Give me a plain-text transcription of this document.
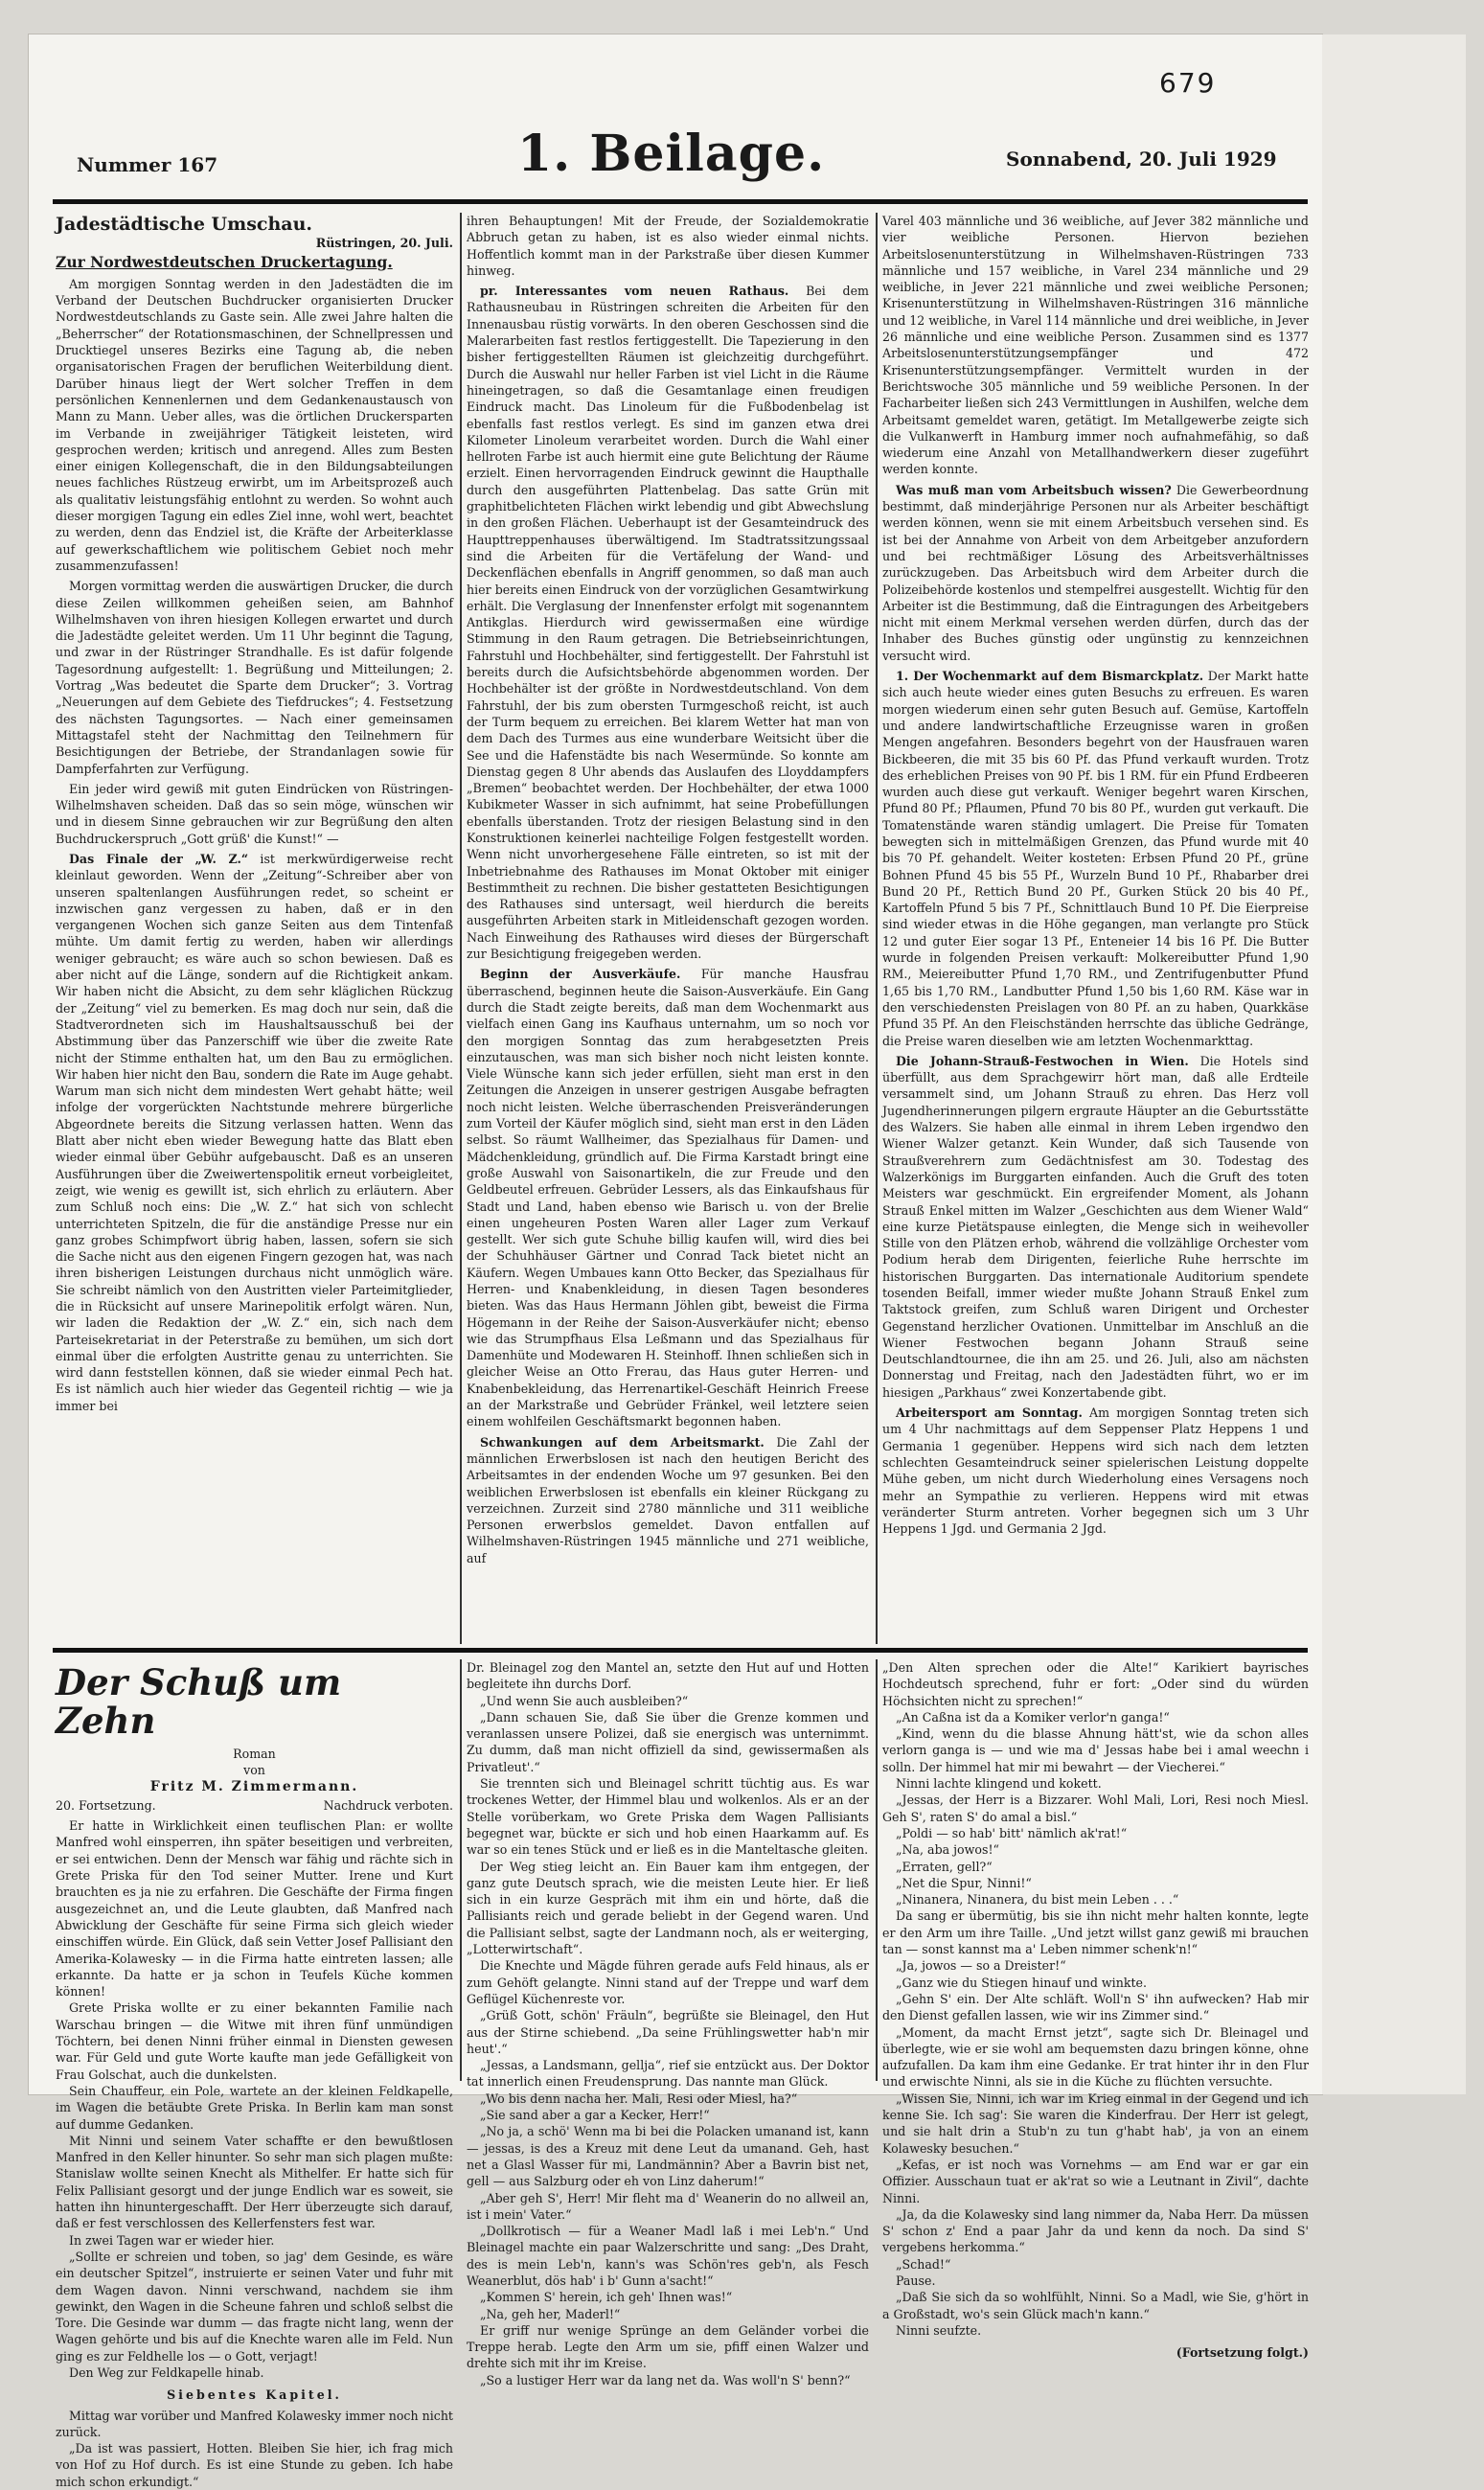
679
Nummer 167	1. Beilage.	Sonnabend, 20. Juli 1929
Jadestädtische Umschau.
Rüstringen, 20. Juli.
Zur Nordwestdeutschen Druckertagung.

Am morgigen Sonntag werden in den Jadestädten die im Verband der Deutschen Buchdrucker organisierten Drucker Nordwestdeutschlands zu Gaste sein. Alle zwei Jahre halten die „Beherrscher“ der Rotationsmaschinen, der Schnellpressen und Drucktiegel unseres Bezirks eine Tagung ab, die neben organisatorischen Fragen der beruflichen Weiterbildung dient. Darüber hinaus liegt der Wert solcher Treffen in dem persönlichen Kennenlernen und dem Gedankenaustausch von Mann zu Mann. Ueber alles, was die örtlichen Druckersparten im Verbande in zweijähriger Tätigkeit leisteten, wird gesprochen werden; kritisch und anregend. Alles zum Besten einer einigen Kollegenschaft, die in den Bildungsabteilungen neues fachliches Rüstzeug erwirbt, um im Arbeitsprozeß auch als qualitativ leistungsfähig entlohnt zu werden. So wohnt auch dieser morgigen Tagung ein edles Ziel inne, wohl wert, beachtet zu werden, denn das Endziel ist, die Kräfte der Arbeiterklasse auf gewerkschaftlichem wie politischem Gebiet noch mehr zusammenzufassen!

Morgen vormittag werden die auswärtigen Drucker, die durch diese Zeilen willkommen geheißen seien, am Bahnhof Wilhelmshaven von ihren hiesigen Kollegen erwartet und durch die Jadestädte geleitet werden. Um 11 Uhr beginnt die Tagung, und zwar in der Rüstringer Strandhalle. Es ist dafür folgende Tagesordnung aufgestellt: 1. Begrüßung und Mitteilungen; 2. Vortrag „Was bedeutet die Sparte dem Drucker“; 3. Vortrag „Neuerungen auf dem Gebiete des Tiefdruckes“; 4. Festsetzung des nächsten Tagungsortes. — Nach einer gemeinsamen Mittagstafel steht der Nachmittag den Teilnehmern für Besichtigungen der Betriebe, der Strandanlagen sowie für Dampferfahrten zur Verfügung.

Ein jeder wird gewiß mit guten Eindrücken von Rüstringen-Wilhelmshaven scheiden. Daß das so sein möge, wünschen wir und in diesem Sinne gebrauchen wir zur Begrüßung den alten Buchdruckerspruch „Gott grüß' die Kunst!“ —

Das Finale der „W. Z.“ ist merkwürdigerweise recht kleinlaut geworden. Wenn der „Zeitung“-Schreiber aber von unseren spaltenlangen Ausführungen redet, so scheint er inzwischen ganz vergessen zu haben, daß er in den vergangenen Wochen sich ganze Seiten aus dem Tintenfaß mühte. Um damit fertig zu werden, haben wir allerdings weniger gebraucht; es wäre auch so schon bewiesen. Daß es aber nicht auf die Länge, sondern auf die Richtigkeit ankam. Wir haben nicht die Absicht, zu dem sehr kläglichen Rückzug der „Zeitung“ viel zu bemerken. Es mag doch nur sein, daß die Stadtverordneten sich im Haushaltsausschuß bei der Abstimmung über das Panzerschiff wie über die zweite Rate nicht der Stimme enthalten hat, um den Bau zu ermöglichen. Wir haben hier nicht den Bau, sondern die Rate im Auge gehabt. Warum man sich nicht dem mindesten Wert gehabt hätte; weil infolge der vorgerückten Nachtstunde mehrere bürgerliche Abgeordnete bereits die Sitzung verlassen hatten. Wenn das Blatt aber nicht eben wieder Bewegung hatte das Blatt eben wieder einmal über Gebühr aufgebauscht. Daß es an unseren Ausführungen über die Zweiwertenspolitik erneut vorbeigleitet, zeigt, wie wenig es gewillt ist, sich ehrlich zu erläutern. Aber zum Schluß noch eins: Die „W. Z.“ hat sich von schlecht unterrichteten Spitzeln, die für die anständige Presse nur ein ganz grobes Schimpfwort übrig haben, lassen, sofern sie sich die Sache nicht aus den eigenen Fingern gezogen hat, was nach ihren bisherigen Leistungen durchaus nicht unmöglich wäre. Sie schreibt nämlich von den Austritten vieler Parteimitglieder, die in Rücksicht auf unsere Marinepolitik erfolgt wären. Nun, wir laden die Redaktion der „W. Z.“ ein, sich nach dem Parteisekretariat in der Peterstraße zu bemühen, um sich dort einmal über die erfolgten Austritte genau zu unterrichten. Sie wird dann feststellen können, daß sie wieder einmal Pech hat. Es ist nämlich auch hier wieder das Gegenteil richtig — wie ja immer bei

ihren Behauptungen! Mit der Freude, der Sozialdemokratie Abbruch getan zu haben, ist es also wieder einmal nichts. Hoffentlich kommt man in der Parkstraße über diesen Kummer hinweg.

pr. Interessantes vom neuen Rathaus. Bei dem Rathausneubau in Rüstringen schreiten die Arbeiten für den Innenausbau rüstig vorwärts. In den oberen Geschossen sind die Malerarbeiten fast restlos fertiggestellt. Die Tapezierung in den bisher fertiggestellten Räumen ist gleichzeitig durchgeführt. Durch die Auswahl nur heller Farben ist viel Licht in die Räume hineingetragen, so daß die Gesamtanlage einen freudigen Eindruck macht. Das Linoleum für die Fußbodenbelag ist ebenfalls fast restlos verlegt. Es sind im ganzen etwa drei Kilometer Linoleum verarbeitet worden. Durch die Wahl einer hellroten Farbe ist auch hiermit eine gute Belichtung der Räume erzielt. Einen hervorragenden Eindruck gewinnt die Haupthalle durch den ausgeführten Plattenbelag. Das satte Grün mit graphitbelichteten Flächen wirkt lebendig und gibt Abwechslung in den großen Flächen. Ueberhaupt ist der Gesamteindruck des Haupttreppenhauses überwältigend. Im Stadtratssitzungssaal sind die Arbeiten für die Vertäfelung der Wand- und Deckenflächen ebenfalls in Angriff genommen, so daß man auch hier bereits einen Eindruck von der vorzüglichen Gesamtwirkung erhält. Die Verglasung der Innenfenster erfolgt mit sogenanntem Antikglas. Hierdurch wird gewissermaßen eine würdige Stimmung in den Raum getragen. Die Betriebseinrichtungen, Fahrstuhl und Hochbehälter, sind fertiggestellt. Der Fahrstuhl ist bereits durch die Aufsichtsbehörde abgenommen worden. Der Hochbehälter ist der größte in Nordwestdeutschland. Von dem Fahrstuhl, der bis zum obersten Turmgeschoß reicht, ist auch der Turm bequem zu erreichen. Bei klarem Wetter hat man von dem Dach des Turmes aus eine wunderbare Weitsicht über die See und die Hafenstädte bis nach Wesermünde. So konnte am Dienstag gegen 8 Uhr abends das Auslaufen des Lloyddampfers „Bremen“ beobachtet werden. Der Hochbehälter, der etwa 1000 Kubikmeter Wasser in sich aufnimmt, hat seine Probefüllungen ebenfalls überstanden. Trotz der riesigen Belastung sind in den Konstruktionen keinerlei nachteilige Folgen festgestellt worden. Wenn nicht unvorhergesehene Fälle eintreten, so ist mit der Inbetriebnahme des Rathauses im Monat Oktober mit einiger Bestimmtheit zu rechnen. Die bisher gestatteten Besichtigungen des Rathauses sind untersagt, weil hierdurch die bereits ausgeführten Arbeiten stark in Mitleidenschaft gezogen worden. Nach Einweihung des Rathauses wird dieses der Bürgerschaft zur Besichtigung freigegeben werden.

Beginn der Ausverkäufe. Für manche Hausfrau überraschend, beginnen heute die Saison-Ausverkäufe. Ein Gang durch die Stadt zeigte bereits, daß man dem Wochenmarkt aus vielfach einen Gang ins Kaufhaus unternahm, um so noch vor den morgigen Sonntag das zum herabgesetzten Preis einzutauschen, was man sich bisher noch nicht leisten konnte. Viele Wünsche kann sich jeder erfüllen, sieht man erst in den Zeitungen die Anzeigen in unserer gestrigen Ausgabe befragten noch nicht leisten. Welche überraschenden Preisveränderungen zum Vorteil der Käufer möglich sind, sieht man erst in den Läden selbst. So räumt Wallheimer, das Spezialhaus für Damen- und Mädchenkleidung, gründlich auf. Die Firma Karstadt bringt eine große Auswahl von Saisonartikeln, die zur Freude und den Geldbeutel erfreuen. Gebrüder Lessers, als das Einkaufshaus für Stadt und Land, haben ebenso wie Barisch u. von der Brelie einen ungeheuren Posten Waren aller Lager zum Verkauf gestellt. Wer sich gute Schuhe billig kaufen will, wird dies bei der Schuhhäuser Gärtner und Conrad Tack bietet nicht an Käufern. Wegen Umbaues kann Otto Becker, das Spezialhaus für Herren- und Knabenkleidung, in diesen Tagen besonderes bieten. Was das Haus Hermann Jöhlen gibt, beweist die Firma Högemann in der Reihe der Saison-Ausverkäufer nicht; ebenso wie das Strumpfhaus Elsa Leßmann und das Spezialhaus für Damenhüte und Modewaren H. Steinhoff. Ihnen schließen sich in gleicher Weise an Otto Frerau, das Haus guter Herren- und Knabenbekleidung, das Herrenartikel-Geschäft Heinrich Freese an der Markstraße und Gebrüder Fränkel, weil letztere seien einem wohlfeilen Geschäftsmarkt begonnen haben.

Schwankungen auf dem Arbeitsmarkt. Die Zahl der männlichen Erwerbslosen ist nach den heutigen Bericht des Arbeitsamtes in der endenden Woche um 97 gesunken. Bei den weiblichen Erwerbslosen ist ebenfalls ein kleiner Rückgang zu verzeichnen. Zurzeit sind 2780 männliche und 311 weibliche Personen erwerbslos gemeldet. Davon entfallen auf Wilhelmshaven-Rüstringen 1945 männliche und 271 weibliche, auf

Varel 403 männliche und 36 weibliche, auf Jever 382 männliche und vier weibliche Personen. Hiervon beziehen Arbeitslosenunterstützung in Wilhelmshaven-Rüstringen 733 männliche und 157 weibliche, in Varel 234 männliche und 29 weibliche, in Jever 221 männliche und zwei weibliche Personen; Krisenunterstützung in Wilhelmshaven-Rüstringen 316 männliche und 12 weibliche, in Varel 114 männliche und drei weibliche, in Jever 26 männliche und eine weibliche Person. Zusammen sind es 1377 Arbeitslosenunterstützungsempfänger und 472 Krisenunterstützungsempfänger. Vermittelt wurden in der Berichtswoche 305 männliche und 59 weibliche Personen. In der Facharbeiter ließen sich 243 Vermittlungen in Aushilfen, welche dem Arbeitsamt gemeldet waren, getätigt. Im Metallgewerbe zeigte sich die Vulkanwerft in Hamburg immer noch aufnahmefähig, so daß wiederum eine Anzahl von Metallhandwerkern dieser zugeführt werden konnte.

Was muß man vom Arbeitsbuch wissen? Die Gewerbeordnung bestimmt, daß minderjährige Personen nur als Arbeiter beschäftigt werden können, wenn sie mit einem Arbeitsbuch versehen sind. Es ist bei der Annahme von Arbeit von dem Arbeitgeber anzufordern und bei rechtmäßiger Lösung des Arbeitsverhältnisses zurückzugeben. Das Arbeitsbuch wird dem Arbeiter durch die Polizeibehörde kostenlos und stempelfrei ausgestellt. Wichtig für den Arbeiter ist die Bestimmung, daß die Eintragungen des Arbeitgebers nicht mit einem Merkmal versehen werden dürfen, durch das der Inhaber des Buches günstig oder ungünstig zu kennzeichnen versucht wird.

1. Der Wochenmarkt auf dem Bismarckplatz. Der Markt hatte sich auch heute wieder eines guten Besuchs zu erfreuen. Es waren morgen wiederum einen sehr guten Besuch auf. Gemüse, Kartoffeln und andere landwirtschaftliche Erzeugnisse waren in großen Mengen angefahren. Besonders begehrt von der Hausfrauen waren Bickbeeren, die mit 35 bis 60 Pf. das Pfund verkauft wurden. Trotz des erheblichen Preises von 90 Pf. bis 1 RM. für ein Pfund Erdbeeren wurden auch diese gut verkauft. Weniger begehrt waren Kirschen, Pfund 80 Pf.; Pflaumen, Pfund 70 bis 80 Pf., wurden gut verkauft. Die Tomatenstände waren ständig umlagert. Die Preise für Tomaten bewegten sich in mittelmäßigen Grenzen, das Pfund wurde mit 40 bis 70 Pf. gehandelt. Weiter kosteten: Erbsen Pfund 20 Pf., grüne Bohnen Pfund 45 bis 55 Pf., Wurzeln Bund 10 Pf., Rhabarber drei Bund 20 Pf., Rettich Bund 20 Pf., Gurken Stück 20 bis 40 Pf., Kartoffeln Pfund 5 bis 7 Pf., Schnittlauch Bund 10 Pf. Die Eierpreise sind wieder etwas in die Höhe gegangen, man verlangte pro Stück 12 und guter Eier sogar 13 Pf., Enteneier 14 bis 16 Pf. Die Butter wurde in folgenden Preisen verkauft: Molkereibutter Pfund 1,90 RM., Meiereibutter Pfund 1,70 RM., und Zentrifugenbutter Pfund 1,65 bis 1,70 RM., Landbutter Pfund 1,50 bis 1,60 RM. Käse war in den verschiedensten Preislagen von 80 Pf. an zu haben, Quarkkäse Pfund 35 Pf. An den Fleischständen herrschte das übliche Gedränge, die Preise waren dieselben wie am letzten Wochenmarkttag.

Die Johann-Strauß-Festwochen in Wien. Die Hotels sind überfüllt, aus dem Sprachgewirr hört man, daß alle Erdteile versammelt sind, um Johann Strauß zu ehren. Das Herz voll Jugendherinnerungen pilgern ergraute Häupter an die Geburtsstätte des Walzers. Sie haben alle einmal in ihrem Leben irgendwo den Wiener Walzer getanzt. Kein Wunder, daß sich Tausende von Straußverehrern zum Gedächtnisfest am 30. Todestag des Walzerkönigs im Burggarten einfanden. Auch die Gruft des toten Meisters war geschmückt. Ein ergreifender Moment, als Johann Strauß Enkel mitten im Walzer „Geschichten aus dem Wiener Wald“ eine kurze Pietätspause einlegten, die Menge sich in weihevoller Stille von den Plätzen erhob, während die vollzählige Orchester vom Podium herab dem Dirigenten, feierliche Ruhe herrschte im historischen Burggarten. Das internationale Auditorium spendete tosenden Beifall, immer wieder mußte Johann Strauß Enkel zum Taktstock greifen, zum Schluß waren Dirigent und Orchester Gegenstand herzlicher Ovationen. Unmittelbar im Anschluß an die Wiener Festwochen begann Johann Strauß seine Deutschlandtournee, die ihn am 25. und 26. Juli, also am nächsten Donnerstag und Freitag, nach den Jadestädten führt, wo er im hiesigen „Parkhaus“ zwei Konzertabende gibt.

Arbeitersport am Sonntag. Am morgigen Sonntag treten sich um 4 Uhr nachmittags auf dem Seppenser Platz Heppens 1 und Germania 1 gegenüber. Heppens wird sich nach dem letzten schlechten Gesamteindruck seiner spielerischen Leistung doppelte Mühe geben, um nicht durch Wiederholung eines Versagens noch mehr an Sympathie zu verlieren. Heppens wird mit etwas veränderter Sturm antreten. Vorher begegnen sich um 3 Uhr Heppens 1 Jgd. und Germania 2 Jgd.

Der Schuß um Zehn
Roman
von
Fritz M. Zimmermann.
20. Fortsetzung.	Nachdruck verboten.

Er hatte in Wirklichkeit einen teuflischen Plan: er wollte Manfred wohl einsperren, ihn später beseitigen und verbreiten, er sei entwichen. Denn der Mensch war fähig und rächte sich in Grete Priska für den Tod seiner Mutter. Irene und Kurt brauchten es ja nie zu erfahren. Die Geschäfte der Firma fingen ausgezeichnet an, und die Leute glaubten, daß Manfred nach Abwicklung der Geschäfte für seine Firma sich gleich wieder einschiffen würde. Ein Glück, daß sein Vetter Josef Pallisiant den Amerika-Kolawesky — in die Firma hatte eintreten lassen; alle erkannte. Da hatte er ja schon in Teufels Küche kommen können!

Grete Priska wollte er zu einer bekannten Familie nach Warschau bringen — die Witwe mit ihren fünf unmündigen Töchtern, bei denen Ninni früher einmal in Diensten gewesen war. Für Geld und gute Worte kaufte man jede Gefälligkeit von Frau Golschat, auch die dunkelsten.

Sein Chauffeur, ein Pole, wartete an der kleinen Feldkapelle, im Wagen die betäubte Grete Priska. In Berlin kam man sonst auf dumme Gedanken.

Mit Ninni und seinem Vater schaffte er den bewußtlosen Manfred in den Keller hinunter. So sehr man sich plagen mußte: Stanislaw wollte seinen Knecht als Mithelfer. Er hatte sich für Felix Pallisiant gesorgt und der junge Endlich war es soweit, sie hatten ihn hinuntergeschafft. Der Herr überzeugte sich darauf, daß er fest verschlossen des Kellerfensters fest war.

In zwei Tagen war er wieder hier.

„Sollte er schreien und toben, so jag' dem Gesinde, es wäre ein deutscher Spitzel“, instruierte er seinen Vater und fuhr mit dem Wagen davon. Ninni verschwand, nachdem sie ihm gewinkt, den Wagen in die Scheune fahren und schloß selbst die Tore. Die Gesinde war dumm — das fragte nicht lang, wenn der Wagen gehörte und bis auf die Knechte waren alle im Feld. Nun ging es zur Feldhelle los — o Gott, verjagt!

Den Weg zur Feldkapelle hinab.

Siebentes Kapitel.

Mittag war vorüber und Manfred Kolawesky immer noch nicht zurück.

„Da ist was passiert, Hotten. Bleiben Sie hier, ich frag mich von Hof zu Hof durch. Es ist eine Stunde zu geben. Ich habe mich schon erkundigt.“

Dr. Bleinagel zog den Mantel an, setzte den Hut auf und Hotten begleitete ihn durchs Dorf.

„Und wenn Sie auch ausbleiben?“

„Dann schauen Sie, daß Sie über die Grenze kommen und veranlassen unsere Polizei, daß sie energisch was unternimmt. Zu dumm, daß man nicht offiziell da sind, gewissermaßen als Privatleut'.“

Sie trennten sich und Bleinagel schritt tüchtig aus. Es war trockenes Wetter, der Himmel blau und wolkenlos. Als er an der Stelle vorüberkam, wo Grete Priska dem Wagen Pallisiants begegnet war, bückte er sich und hob einen Haarkamm auf. Es war so ein tenes Stück und er ließ es in die Manteltasche gleiten.

Der Weg stieg leicht an. Ein Bauer kam ihm entgegen, der ganz gute Deutsch sprach, wie die meisten Leute hier. Er ließ sich in ein kurze Gespräch mit ihm ein und hörte, daß die Pallisiants reich und gerade beliebt in der Gegend waren. Und die Pallisiant selbst, sagte der Landmann noch, als er weiterging, „Lotterwirtschaft“.

Die Knechte und Mägde führen gerade aufs Feld hinaus, als er zum Gehöft gelangte. Ninni stand auf der Treppe und warf dem Geflügel Küchenreste vor.

„Grüß Gott, schön' Fräuln“, begrüßte sie Bleinagel, den Hut aus der Stirne schiebend. „Da seine Frühlingswetter hab'n mir heut'.“

„Jessas, a Landsmann, gellja“, rief sie entzückt aus. Der Doktor tat innerlich einen Freudensprung. Das nannte man Glück.

„Wo bis denn nacha her. Mali, Resi oder Miesl, ha?“

„Sie sand aber a gar a Kecker, Herr!“

„No ja, a schö' Wenn ma bi bei die Polacken umanand ist, kann — jessas, is des a Kreuz mit dene Leut da umanand. Geh, hast net a Glasl Wasser für mi, Landmännin? Aber a Bavrin bist net, gell — aus Salzburg oder eh von Linz daherum!“

„Aber geh S', Herr! Mir fleht ma d' Weanerin do no allweil an, ist i mein' Vater.“

„Dollkrotisch — für a Weaner Madl laß i mei Leb'n.“ Und Bleinagel machte ein paar Walzerschritte und sang: „Des Draht, des is mein Leb'n, kann's was Schön'res geb'n, als Fesch Weanerblut, dös hab' i b' Gunn a'sacht!“

„Kommen S' herein, ich geh' Ihnen was!“

„Na, geh her, Maderl!“

Er griff nur wenige Sprünge an dem Geländer vorbei die Treppe herab. Legte den Arm um sie, pfiff einen Walzer und drehte sich mit ihr im Kreise.

„So a lustiger Herr war da lang net da. Was woll'n S' benn?“

„Den Alten sprechen oder die Alte!“ Karikiert bayrisches Hochdeutsch sprechend, fuhr er fort: „Oder sind du würden Höchsichten nicht zu sprechen!“

„An Caßna ist da a Komiker verlor'n ganga!“

„Kind, wenn du die blasse Ahnung hätt'st, wie da schon alles verlorn ganga is — und wie ma d' Jessas habe bei i amal weechn i solln. Der himmel hat mir mi bewahrt — der Viecherei.“

Ninni lachte klingend und kokett.

„Jessas, der Herr is a Bizzarer. Wohl Mali, Lori, Resi noch Miesl. Geh S', raten S' do amal a bisl.“

„Poldi — so hab' bitt' nämlich ak'rat!“

„Na, aba jowos!“

„Erraten, gell?“

„Net die Spur, Ninni!“

„Ninanera, Ninanera, du bist mein Leben . . .“

Da sang er übermütig, bis sie ihn nicht mehr halten konnte, legte er den Arm um ihre Taille. „Und jetzt willst ganz gewiß mi brauchen tan — sonst kannst ma a' Leben nimmer schenk'n!“

„Ja, jowos — so a Dreister!“

„Ganz wie du Stiegen hinauf und winkte.

„Gehn S' ein. Der Alte schläft. Woll'n S' ihn aufwecken? Hab mir den Dienst gefallen lassen, wie wir ins Zimmer sind.“

„Moment, da macht Ernst jetzt“, sagte sich Dr. Bleinagel und überlegte, wie er sie wohl am bequemsten dazu bringen könne, ohne aufzufallen. Da kam ihm eine Gedanke. Er trat hinter ihr in den Flur und erwischte Ninni, als sie in die Küche zu flüchten versuchte.

„Wissen Sie, Ninni, ich war im Krieg einmal in der Gegend und ich kenne Sie. Ich sag': Sie waren die Kinderfrau. Der Herr ist gelegt, und sie halt drin a Stub'n zu tun g'habt hab', ja von an einem Kolawesky besuchen.“

„Kefas, er ist noch was Vornehms — am End war er gar ein Offizier. Ausschaun tuat er ak'rat so wie a Leutnant in Zivil“, dachte Ninni.

„Ja, da die Kolawesky sind lang nimmer da, Naba Herr. Da müssen S' schon z' End a paar Jahr da und kenn da noch. Da sind S' vergebens herkomma.“

„Schad!“

Pause.

„Daß Sie sich da so wohlfühlt, Ninni. So a Madl, wie Sie, g'hört in a Großstadt, wo's sein Glück mach'n kann.“

Ninni seufzte.

(Fortsetzung folgt.)
